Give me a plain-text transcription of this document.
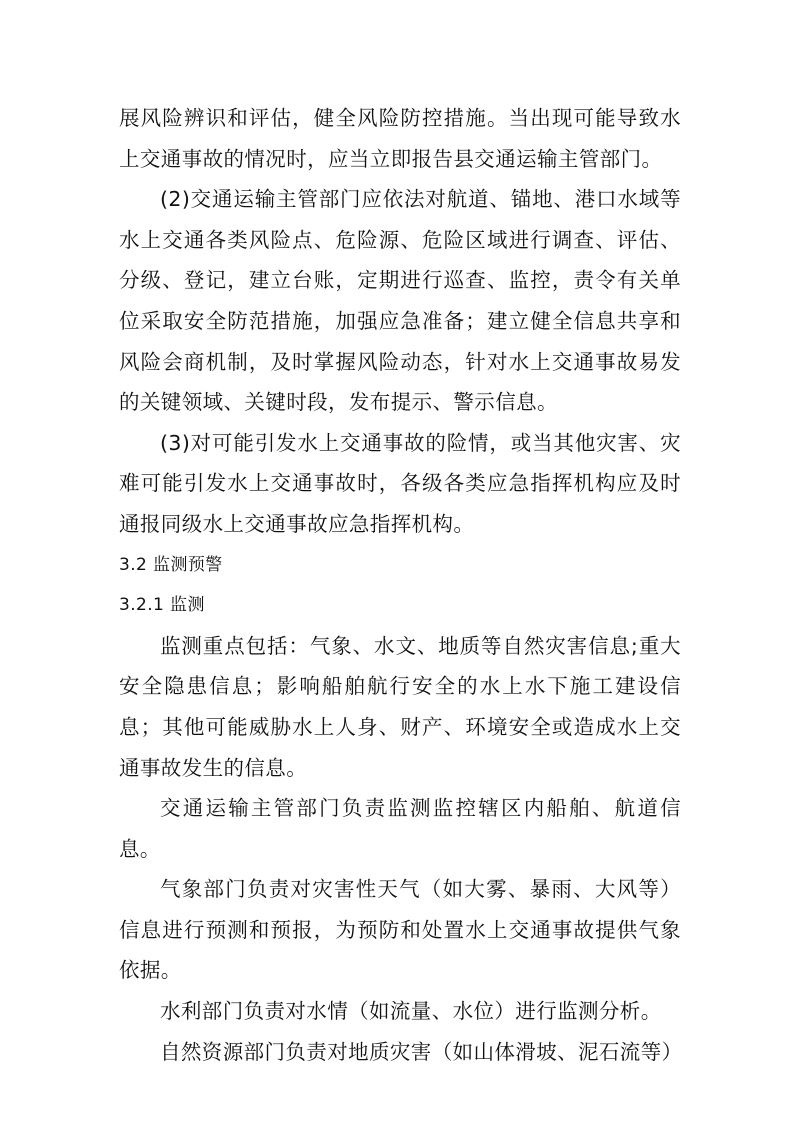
展风险辨识和评估，健全风险防控措施。当出现可能导致水上交通事故的情况时，应当立即报告县交通运输主管部门。

(2)交通运输主管部门应依法对航道、锚地、港口水域等水上交通各类风险点、危险源、危险区域进行调查、评估、分级、登记，建立台账，定期进行巡查、监控，责令有关单位采取安全防范措施，加强应急准备；建立健全信息共享和风险会商机制，及时掌握风险动态，针对水上交通事故易发的关键领域、关键时段，发布提示、警示信息。

(3)对可能引发水上交通事故的险情，或当其他灾害、灾难可能引发水上交通事故时，各级各类应急指挥机构应及时通报同级水上交通事故应急指挥机构。

3.2 监测预警

3.2.1 监测

监测重点包括：气象、水文、地质等自然灾害信息;重大安全隐患信息；影响船舶航行安全的水上水下施工建设信息；其他可能威胁水上人身、财产、环境安全或造成水上交通事故发生的信息。

交通运输主管部门负责监测监控辖区内船舶、航道信息。

气象部门负责对灾害性天气（如大雾、暴雨、大风等）信息进行预测和预报，为预防和处置水上交通事故提供气象依据。

水利部门负责对水情（如流量、水位）进行监测分析。

自然资源部门负责对地质灾害（如山体滑坡、泥石流等）
